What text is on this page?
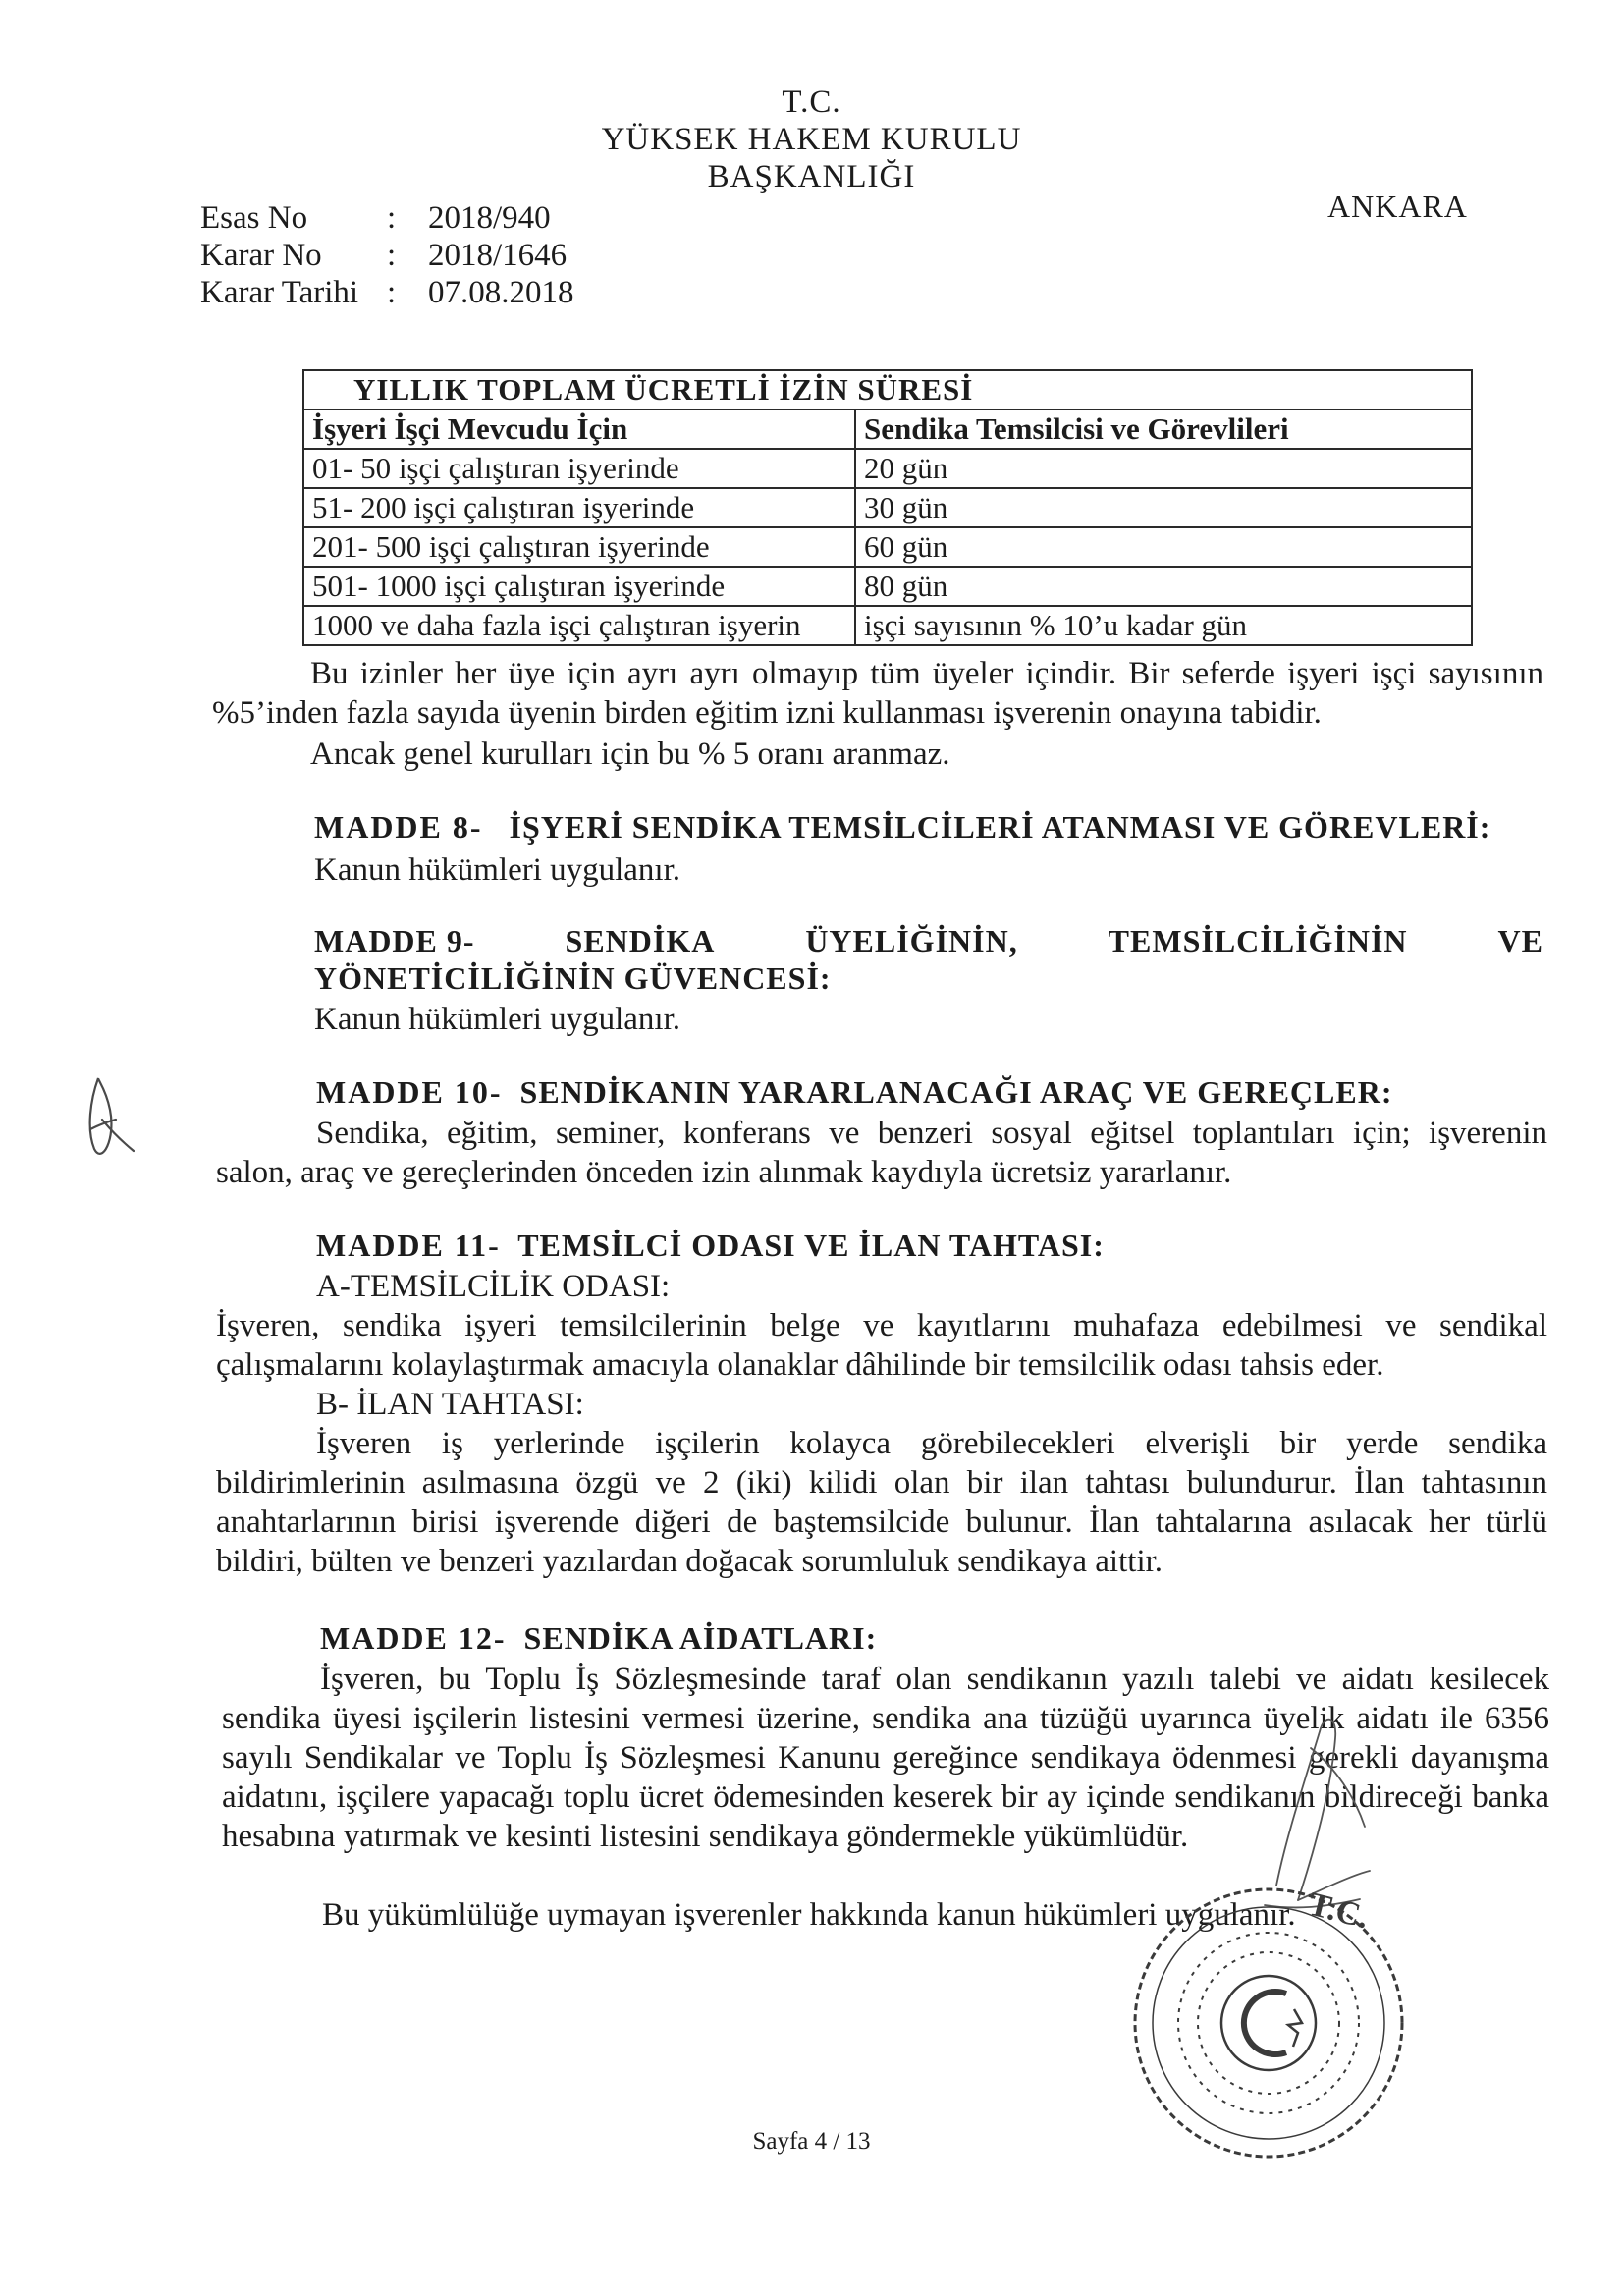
T.C.
YÜKSEK HAKEM KURULU
BAŞKANLIĞI
ANKARA
Esas No : 2018/940
Karar No : 2018/1646
Karar Tarihi : 07.08.2018
YILLIK TOPLAM ÜCRETLİ İZİN SÜRESİ	
İşyeri İşçi Mevcudu İçin	Sendika Temsilcisi ve Görevlileri
01- 50 işçi çalıştıran işyerinde	20 gün
51- 200 işçi çalıştıran işyerinde	30 gün
201- 500 işçi çalıştıran işyerinde	60 gün
501- 1000 işçi çalıştıran işyerinde	80 gün
1000 ve daha fazla işçi çalıştıran işyerin	işçi sayısının % 10’u kadar gün
Bu izinler her üye için ayrı ayrı olmayıp tüm üyeler içindir. Bir seferde işyeri işçi sayısının
%5’inden fazla sayıda üyenin birden eğitim izni kullanması işverenin onayına tabidir.
Ancak genel kurulları için bu % 5 oranı aranmaz.
MADDE 8- İŞYERİ SENDİKA TEMSİLCİLERİ ATANMASI VE GÖREVLERİ:
Kanun hükümleri uygulanır.
MADDE 9-	SENDİKA	ÜYELİĞİNİN,	TEMSİLCİLİĞİNİN	VE
YÖNETİCİLİĞİNİN GÜVENCESİ:
Kanun hükümleri uygulanır.
MADDE 10- SENDİKANIN YARARLANACAĞI ARAÇ VE GEREÇLER:
Sendika, eğitim, seminer, konferans ve benzeri sosyal eğitsel toplantıları için; işverenin
salon, araç ve gereçlerinden önceden izin alınmak kaydıyla ücretsiz yararlanır.
MADDE 11- TEMSİLCİ ODASI VE İLAN TAHTASI:
A-TEMSİLCİLİK ODASI:
İşveren, sendika işyeri temsilcilerinin belge ve kayıtlarını muhafaza edebilmesi ve sendikal
çalışmalarını kolaylaştırmak amacıyla olanaklar dâhilinde bir temsilcilik odası tahsis eder.
B- İLAN TAHTASI:
İşveren iş yerlerinde işçilerin kolayca görebilecekleri elverişli bir yerde sendika
bildirimlerinin asılmasına özgü ve 2 (iki) kilidi olan bir ilan tahtası bulundurur. İlan tahtasının
anahtarlarının birisi işverende diğeri de baştemsilcide bulunur. İlan tahtalarına asılacak her türlü
bildiri, bülten ve benzeri yazılardan doğacak sorumluluk sendikaya aittir.
MADDE 12- SENDİKA AİDATLARI:
İşveren, bu Toplu İş Sözleşmesinde taraf olan sendikanın yazılı talebi ve aidatı kesilecek
sendika üyesi işçilerin listesini vermesi üzerine, sendika ana tüzüğü uyarınca üyelik aidatı ile 6356
sayılı Sendikalar ve Toplu İş Sözleşmesi Kanunu gereğince sendikaya ödenmesi gerekli dayanışma
aidatını, işçilere yapacağı toplu ücret ödemesinden keserek bir ay içinde sendikanın bildireceği banka
hesabına yatırmak ve kesinti listesini sendikaya göndermekle yükümlüdür.
Bu yükümlülüğe uymayan işverenler hakkında kanun hükümleri uygulanır. T.C.
Sayfa 4 / 13
